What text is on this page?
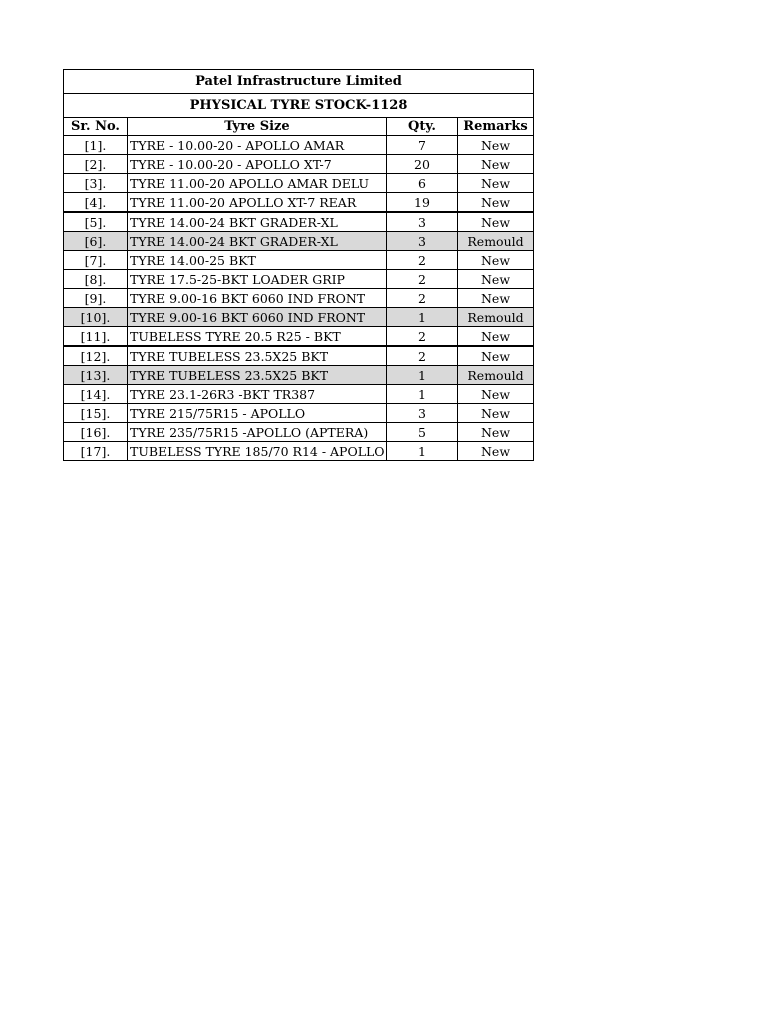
Patel Infrastructure Limited			
PHYSICAL TYRE STOCK-1128			
Sr. No.	Tyre Size	Qty.	Remarks
[1].	TYRE - 10.00-20 - APOLLO AMAR	7	New
[2].	TYRE - 10.00-20 - APOLLO XT-7	20	New
[3].	TYRE 11.00-20 APOLLO AMAR DELU	6	New
[4].	TYRE 11.00-20 APOLLO XT-7 REAR	19	New
[5].	TYRE 14.00-24 BKT GRADER-XL	3	New
[6].	TYRE 14.00-24 BKT GRADER-XL	3	Remould
[7].	TYRE 14.00-25 BKT	2	New
[8].	TYRE 17.5-25-BKT LOADER GRIP	2	New
[9].	TYRE 9.00-16 BKT 6060 IND FRONT	2	New
[10].	TYRE 9.00-16 BKT 6060 IND FRONT	1	Remould
[11].	TUBELESS TYRE 20.5 R25 - BKT	2	New
[12].	TYRE TUBELESS 23.5X25 BKT	2	New
[13].	TYRE TUBELESS 23.5X25 BKT	1	Remould
[14].	TYRE 23.1-26R3 -BKT TR387	1	New
[15].	TYRE 215/75R15 - APOLLO	3	New
[16].	TYRE 235/75R15 -APOLLO (APTERA)	5	New
[17].	TUBELESS TYRE 185/70 R14 - APOLLO	1	New
